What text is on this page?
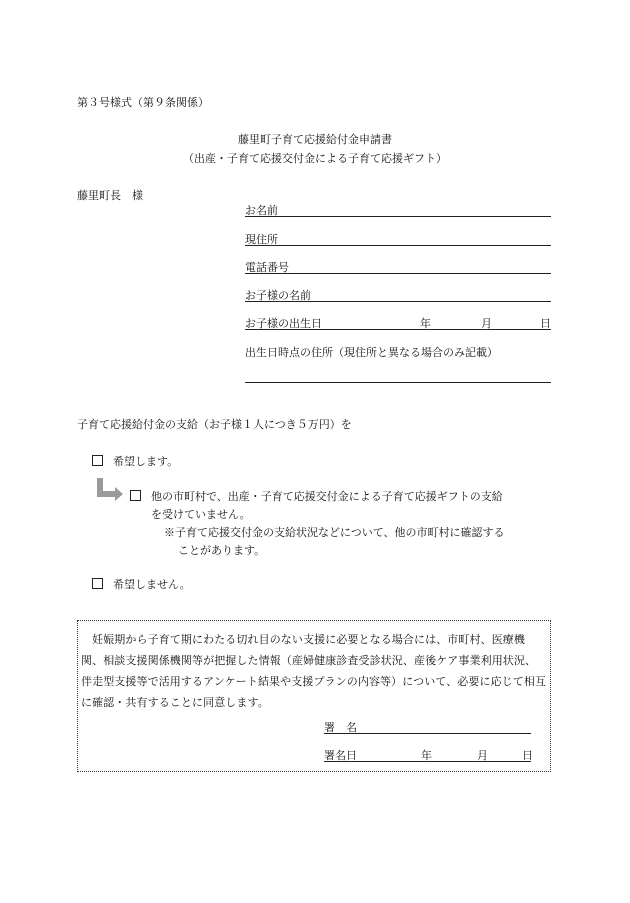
第３号様式（第９条関係）
藤里町子育て応援給付金申請書
（出産・子育て応援交付金による子育て応援ギフト）
藤里町長　様
お名前
現住所
電話番号
お子様の名前
お子様の出生日	年	月	日
出生日時点の住所（現住所と異なる場合のみ記載）
子育て応援給付金の支給（お子様１人につき５万円）を
希望します。
他の市町村で、出産・子育て応援交付金による子育て応援ギフトの支給
を受けていません。
※子育て応援交付金の支給状況などについて、他の市町村に確認する
ことがあります。
希望しません。
　妊娠期から子育て期にわたる切れ目のない支援に必要となる場合には、市町村、医療機関、相談支援関係機関等が把握した情報（産婦健康診査受診状況、産後ケア事業利用状況、伴走型支援等で活用するアンケート結果や支援プランの内容等）について、必要に応じて相互に確認・共有することに同意します。
署　名
署名日	年	月	日
